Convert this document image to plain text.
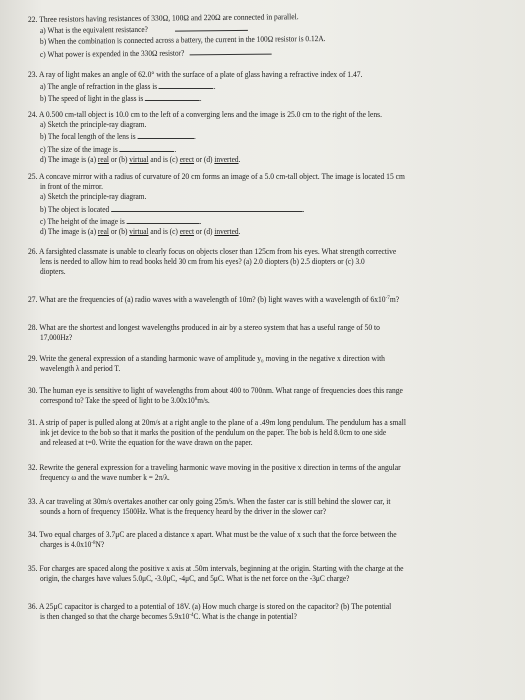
22. Three resistors having resistances of 330Ω, 100Ω and 220Ω are connected in parallel.
a) What is the equivalent resistance?
b) When the combination is connected across a battery, the current in the 100Ω resistor is 0.12A.
c) What power is expended in the 330Ω resistor?
23. A ray of light makes an angle of 62.0° with the surface of a plate of glass having a refractive index of 1.47.
a) The angle of refraction in the glass is	.
b) The speed of light in the glass is	.
24. A 0.500 cm-tall object is 10.0 cm to the left of a converging lens and the image is 25.0 cm to the right of the lens.
a) Sketch the principle-ray diagram.
b) The focal length of the lens is	.
c) The size of the image is	.
d) The image is (a) real or (b) virtual and is (c) erect or (d) inverted.
25. A concave mirror with a radius of curvature of 20 cm forms an image of a 5.0 cm-tall object. The image is located 15 cm
in front of the mirror.
a) Sketch the principle-ray diagram.
b) The object is located	.
c) The height of the image is	.
d) The image is (a) real or (b) virtual and is (c) erect or (d) inverted.
26. A farsighted classmate is unable to clearly focus on objects closer than 125cm from his eyes. What strength corrective
lens is needed to allow him to read books held 30 cm from his eyes? (a) 2.0 diopters (b) 2.5 diopters or (c) 3.0
diopters.
27. What are the frequencies of (a) radio waves with a wavelength of 10m? (b) light waves with a wavelength of $6x10^{-7}m$?
28. What are the shortest and longest wavelengths produced in air by a stereo system that has a useful range of 50 to
17,000Hz?
29. Write the general expression of a standing harmonic wave of amplitude y₀ moving in the negative x direction with
wavelength λ and period T.
30. The human eye is sensitive to light of wavelengths from about 400 to 700nm. What range of frequencies does this range
correspond to? Take the speed of light to be $3.00x10^8m/s$.
31. A strip of paper is pulled along at 20m/s at a right angle to the plane of a .49m long pendulum. The pendulum has a small
ink jet device to the bob so that it marks the position of the pendulum on the paper. The bob is held 8.0cm to one side
and released at t=0. Write the equation for the wave drawn on the paper.
32. Rewrite the general expression for a traveling harmonic wave moving in the positive x direction in terms of the angular
frequency ω and the wave number k = 2π/λ.
33. A car traveling at 30m/s overtakes another car only going 25m/s. When the faster car is still behind the slower car, it
sounds a horn of frequency 1500Hz. What is the frequency heard by the driver in the slower car?
34. Two equal charges of 3.7μC are placed a distance x apart. What must be the value of x such that the force between the
charges is $4.0x10^{-8}N$?
35. For charges are spaced along the positive x axis at .50m intervals, beginning at the origin. Starting with the charge at the
origin, the charges have values 5.0μC, -3.0μC, -4μC, and 5μC. What is the net force on the -3μC charge?
36. A 25μC capacitor is charged to a potential of 18V. (a) How much charge is stored on the capacitor? (b) The potential
is then changed so that the charge becomes $5.9x10^{-4}C$. What is the change in potential?
